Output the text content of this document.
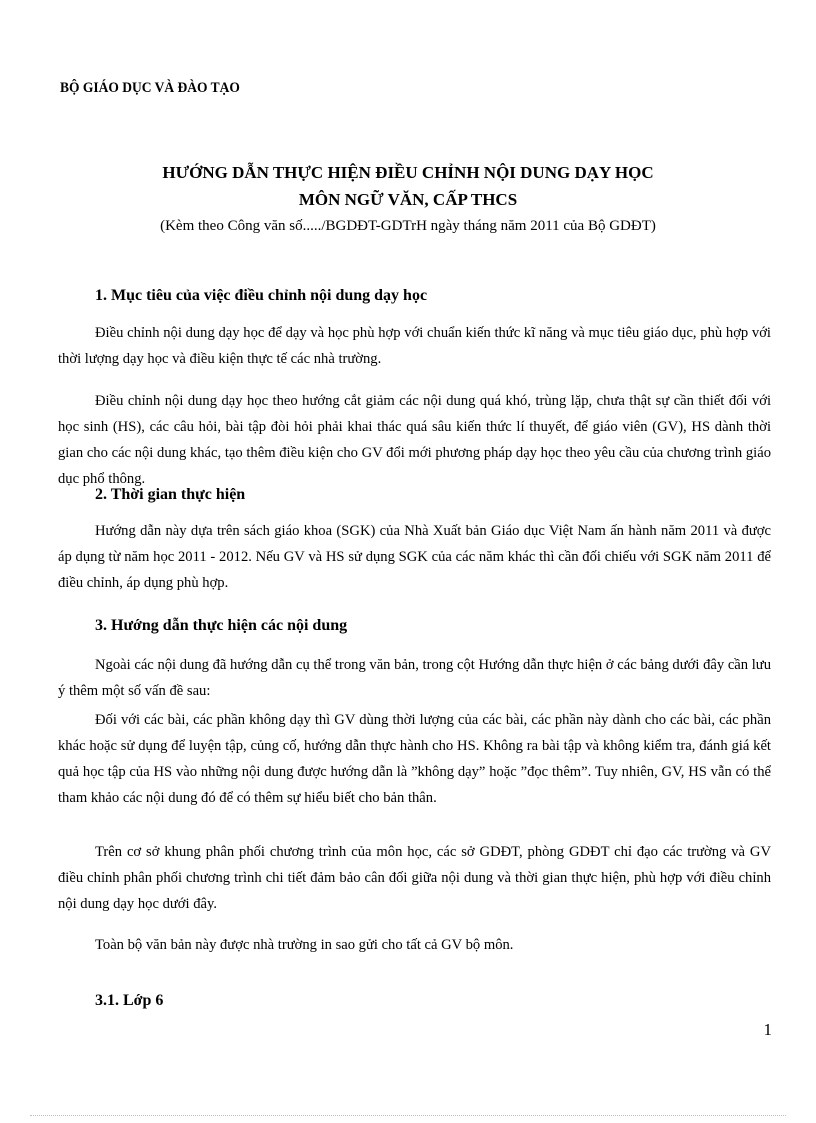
BỘ GIÁO DỤC VÀ ĐÀO TẠO
HƯỚNG DẪN THỰC HIỆN ĐIỀU CHỈNH NỘI DUNG DẠY HỌC
MÔN NGỮ VĂN, CẤP THCS
(Kèm theo Công văn số...../BGDĐT-GDTrH ngày tháng năm 2011 của Bộ GDĐT)
1. Mục tiêu của việc điều chỉnh nội dung dạy học
Điều chỉnh nội dung dạy học để dạy và học phù hợp với chuẩn kiến thức kĩ năng và mục tiêu giáo dục, phù hợp với thời lượng dạy học và điều kiện thực tế các nhà trường.
Điều chỉnh nội dung dạy học theo hướng cắt giảm các nội dung quá khó, trùng lặp, chưa thật sự cần thiết đối với học sinh (HS), các câu hỏi, bài tập đòi hỏi phải khai thác quá sâu kiến thức lí thuyết, để giáo viên (GV), HS dành thời gian cho các nội dung khác, tạo thêm điều kiện cho GV đổi mới phương pháp dạy học theo yêu cầu của chương trình giáo dục phổ thông.
2. Thời gian thực hiện
Hướng dẫn này dựa trên sách giáo khoa (SGK) của Nhà Xuất bản Giáo dục Việt Nam ấn hành năm 2011 và được áp dụng từ năm học 2011 - 2012. Nếu GV và HS sử dụng SGK của các năm khác thì cần đối chiếu với SGK năm 2011 để điều chỉnh, áp dụng phù hợp.
3. Hướng dẫn thực hiện các nội dung
Ngoài các nội dung đã hướng dẫn cụ thể trong văn bản, trong cột Hướng dẫn thực hiện ở các bảng dưới đây cần lưu ý thêm một số vấn đề sau:
Đối với các bài, các phần không dạy thì GV dùng thời lượng của các bài, các phần này dành cho các bài, các phần khác hoặc sử dụng để luyện tập, củng cố, hướng dẫn thực hành cho HS. Không ra bài tập và không kiểm tra, đánh giá kết quả học tập của HS vào những nội dung được hướng dẫn là ”không dạy” hoặc ”đọc thêm”. Tuy nhiên, GV, HS vẫn có thể tham khảo các nội dung đó để có thêm sự hiểu biết cho bản thân.
Trên cơ sở khung phân phối chương trình của môn học, các sở GDĐT, phòng GDĐT chỉ đạo các trường và GV điều chỉnh phân phối chương trình chi tiết đảm bảo cân đối giữa nội dung và thời gian thực hiện, phù hợp với điều chỉnh nội dung dạy học dưới đây.
Toàn bộ văn bản này được nhà trường in sao gửi cho tất cả GV bộ môn.
3.1. Lớp 6
1
